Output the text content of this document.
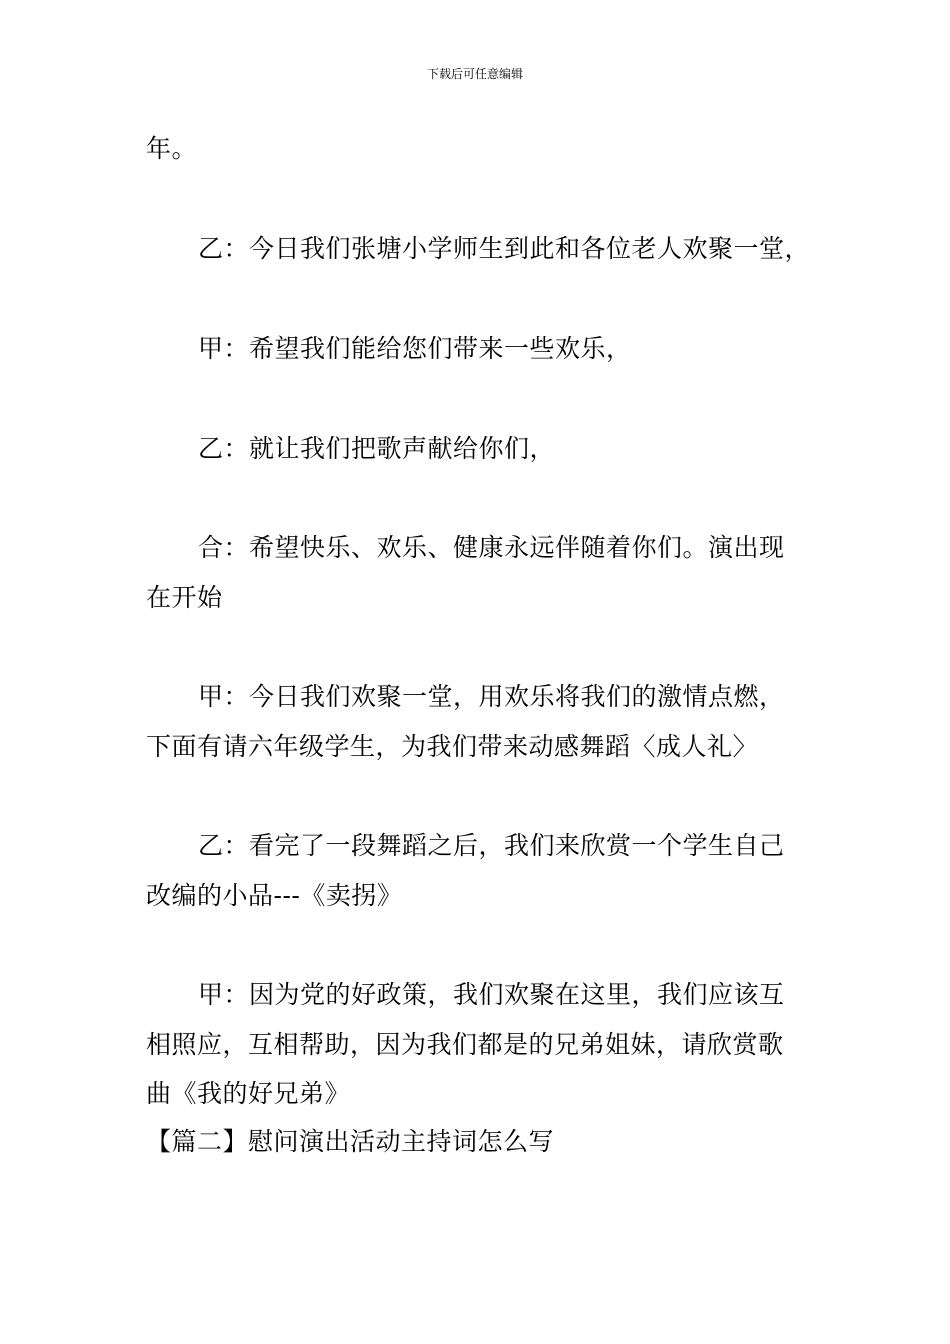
下载后可任意编辑
年。
乙：今日我们张塘小学师生到此和各位老人欢聚一堂，
甲：希望我们能给您们带来一些欢乐，
乙：就让我们把歌声献给你们，
合：希望快乐、欢乐、健康永远伴随着你们。演出现
在开始
甲：今日我们欢聚一堂，用欢乐将我们的激情点燃，
下面有请六年级学生，为我们带来动感舞蹈〈成人礼〉
乙：看完了一段舞蹈之后，我们来欣赏一个学生自己
改编的小品---《卖拐》
甲：因为党的好政策，我们欢聚在这里，我们应该互
相照应，互相帮助，因为我们都是的兄弟姐妹，请欣赏歌
曲《我的好兄弟》
【篇二】慰问演出活动主持词怎么写
